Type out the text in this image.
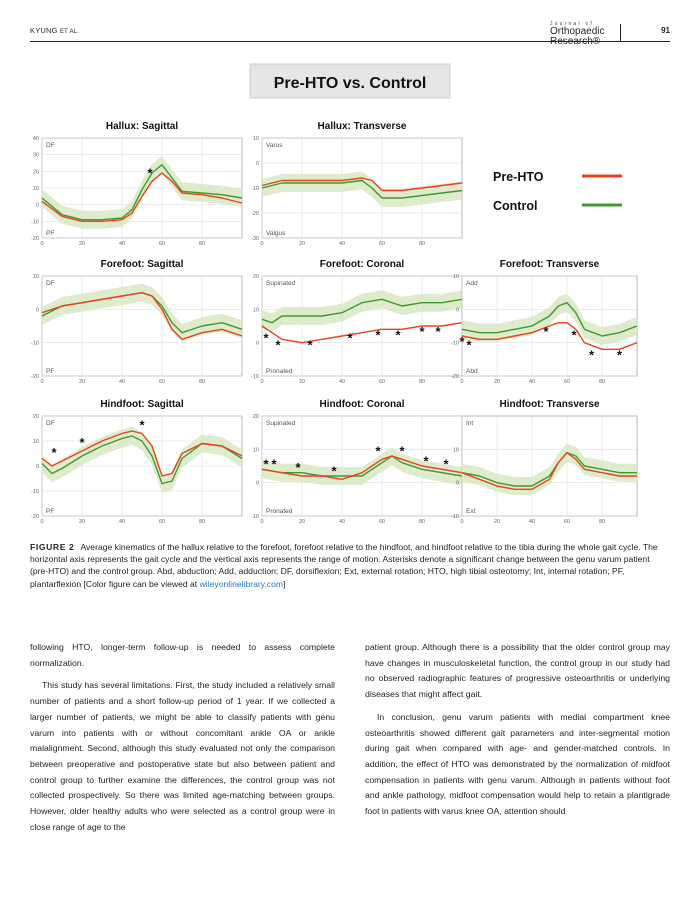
KYUNG ET AL.
Journal of
Orthopaedic	91
Pre-HTO vs. Control
Pre-HTO
Control
Hallux: Sagittal
40
30
20
10
0
-10
-20
0	20	40	60	80
DF
PF
*
Hallux: Transverse
10
0
-10
-20
-30
0	20	40	60	80
Varus
Valgus
Forefoot: Sagittal
10
0
-10
-20
0	20	40	60	80
DF
PF
Forefoot: Coronal
20
10
0
-10
0	20	40	60	80
Supinated
Pronated
* * *	* * * * *
Forefoot: Transverse
10
0
-10
-20
0	20	40	60	80
Add
Abd
* *
* *
* *
Hindfoot: Sagittal
20
10
0
-10
-20
0	20	40	60	80
DF
PF
*
*
*
Hindfoot: Coronal
20
10
0
-10
0	20	40	60	80
Supinated
Pronated
* * * *
* *
* *
Hindfoot: Transverse
10
0
-10
0	20	40	60	80
Int
Ext
FIGURE 2 Average kinematics of the hallux relative to the forefoot, forefoot relative to the hindfoot, and hindfoot relative to the tibia during the whole gait cycle. The horizontal axis represents the gait cycle and the vertical axis represents the range of motion. Asterisks denote a significant change between the genu varum patient (pre-HTO) and the control group. Abd, abduction; Add, adduction; DF, dorsiflexion; Ext, external rotation; HTO, high tibial osteotomy; Int, internal rotation; PF, plantarflexion [Color figure can be viewed at wileyonlinelibrary.com]

following HTO, longer-term follow-up is needed to assess complete normalization.

This study has several limitations. First, the study included a relatively small number of patients and a short follow-up period of 1 year. If we collected a larger number of patients, we might be able to classify patients with genu varum into patients with or without concomitant ankle OA or ankle malalignment. Second, although this study evaluated not only the comparison between preoperative and postoperative state but also between patient and control group to further examine the differences, the control group was not collected prospectively. So there was limited age-matching between groups. However, older healthy adults who were selected as a control group were in close range of age to the

patient group. Although there is a possibility that the older control group may have changes in musculoskeletal function, the control group in our study had no observed radiographic features of progressive osteoarthritis or underlying diseases that might affect gait.

In conclusion, genu varum patients with medial compartment knee osteoarthritis showed different gait parameters and inter-segmental motion during gait when compared with age- and gender-matched controls. In addition, the effect of HTO was demonstrated by the normalization of midfoot compensation in patients with genu varum. Although in patients without foot and ankle pathology, midfoot compensation would help to retain a plantigrade foot in patients with varus knee OA, attention should
